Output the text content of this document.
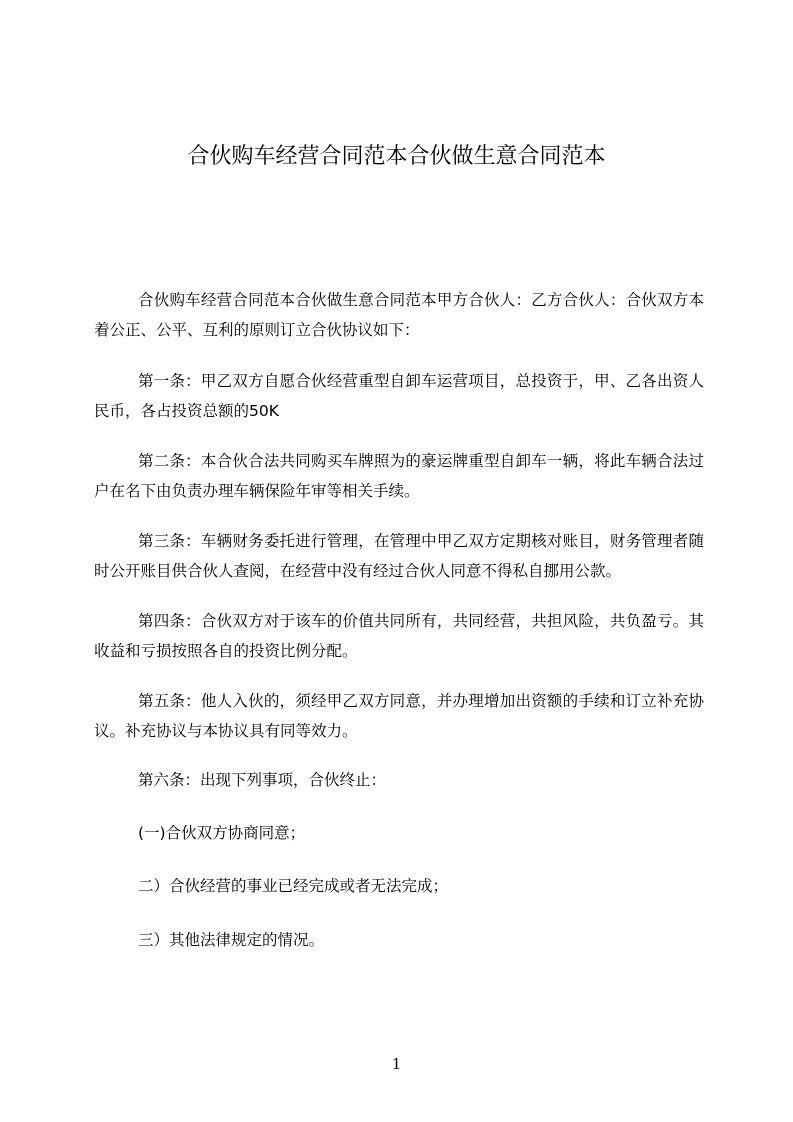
合伙购车经营合同范本合伙做生意合同范本

合伙购车经营合同范本合伙做生意合同范本甲方合伙人：乙方合伙人：合伙双方本着公正、公平、互利的原则订立合伙协议如下：

第一条：甲乙双方自愿合伙经营重型自卸车运营项目，总投资于，甲、乙各出资人民币，各占投资总额的50K

第二条：本合伙合法共同购买车牌照为的豪运牌重型自卸车一辆，将此车辆合法过户在名下由负责办理车辆保险年审等相关手续。

第三条：车辆财务委托进行管理，在管理中甲乙双方定期核对账目，财务管理者随时公开账目供合伙人查阅，在经营中没有经过合伙人同意不得私自挪用公款。

第四条：合伙双方对于该车的价值共同所有，共同经营，共担风险，共负盈亏。其收益和亏损按照各自的投资比例分配。

第五条：他人入伙的，须经甲乙双方同意，并办理增加出资额的手续和订立补充协议。补充协议与本协议具有同等效力。

第六条：出现下列事项，合伙终止：

(一)合伙双方协商同意；

二）合伙经营的事业已经完成或者无法完成；

三）其他法律规定的情况。

1
